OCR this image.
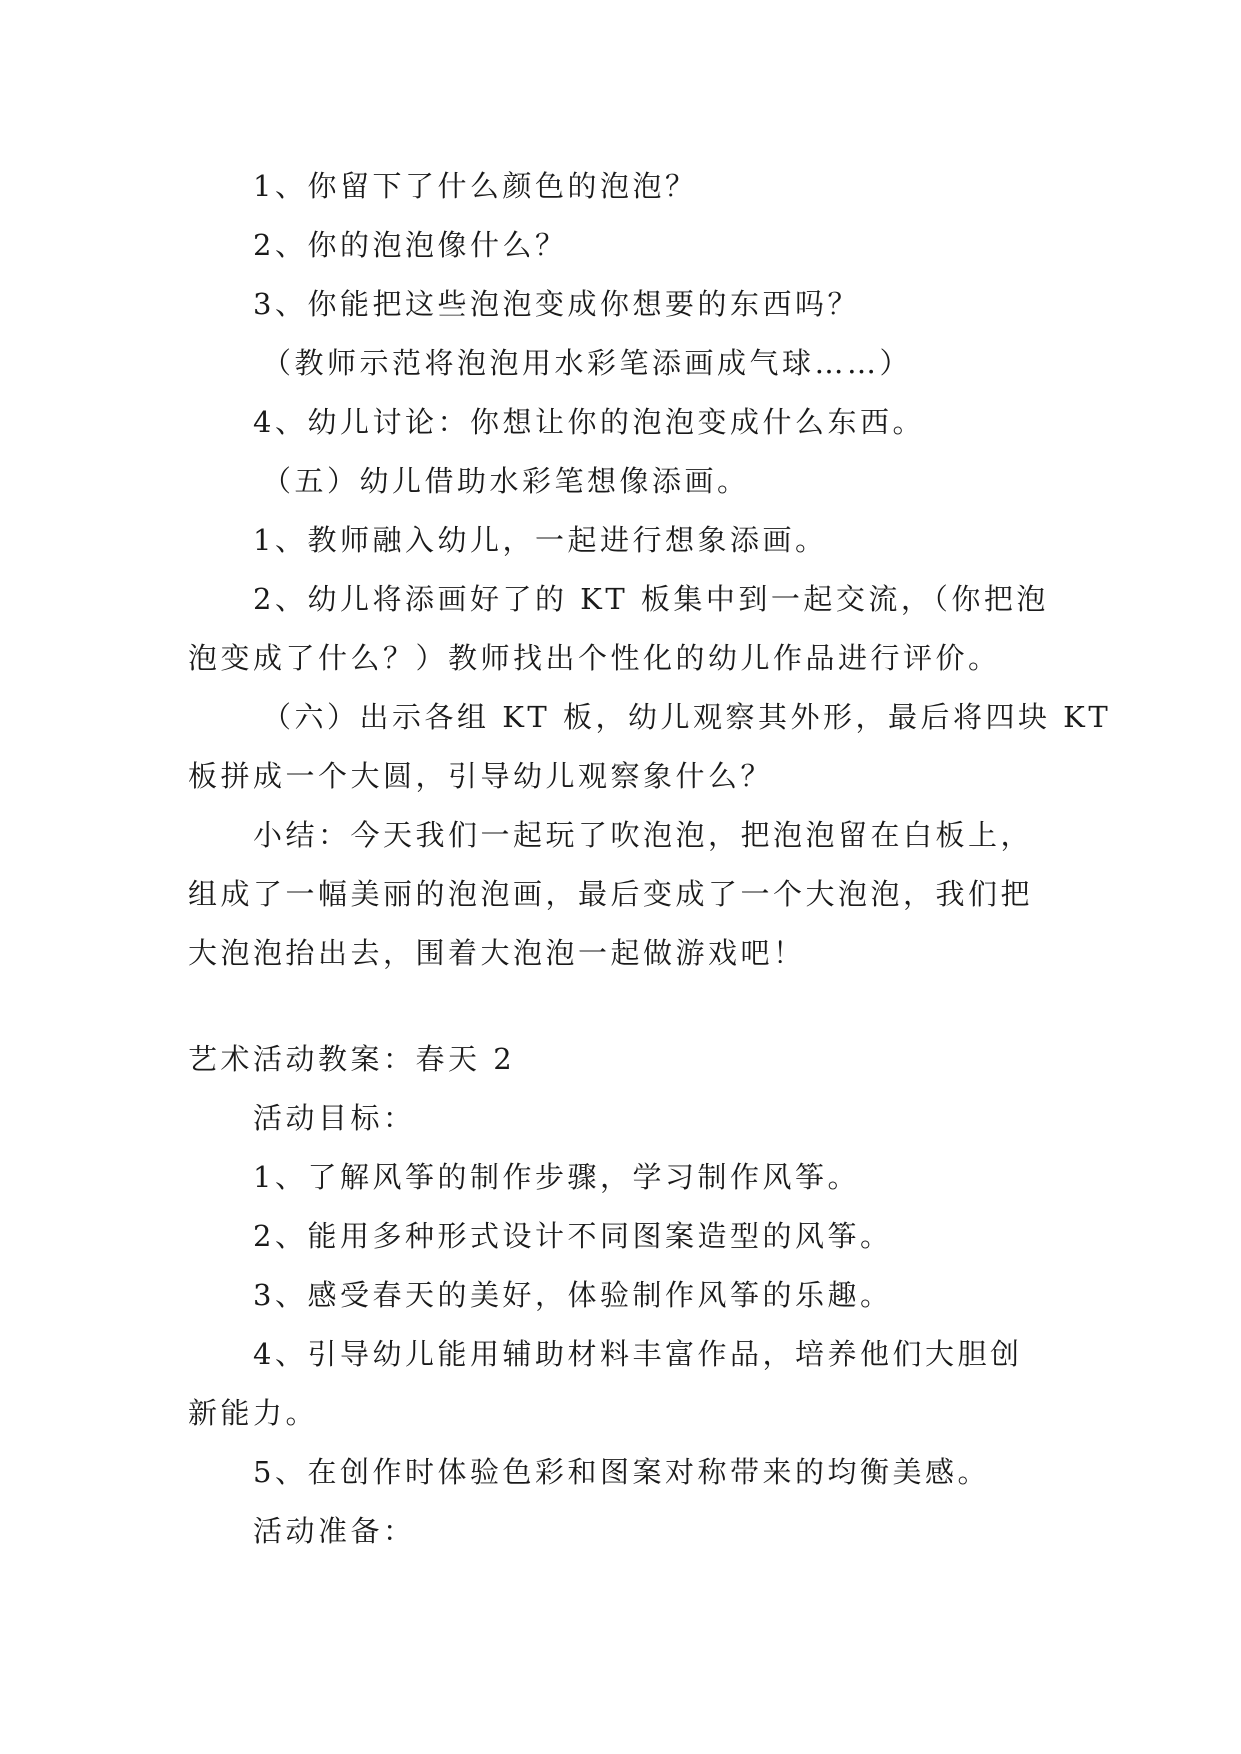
1、你留下了什么颜色的泡泡？
2、你的泡泡像什么？
3、你能把这些泡泡变成你想要的东西吗？
（教师示范将泡泡用水彩笔添画成气球……）
4、幼儿讨论：你想让你的泡泡变成什么东西。
（五）幼儿借助水彩笔想像添画。
1、教师融入幼儿，一起进行想象添画。
2、幼儿将添画好了的 KT 板集中到一起交流，（你把泡
泡变成了什么？）教师找出个性化的幼儿作品进行评价。
（六）出示各组 KT 板，幼儿观察其外形，最后将四块 KT
板拼成一个大圆，引导幼儿观察象什么？
小结：今天我们一起玩了吹泡泡，把泡泡留在白板上，
组成了一幅美丽的泡泡画，最后变成了一个大泡泡，我们把
大泡泡抬出去，围着大泡泡一起做游戏吧！
艺术活动教案：春天 2
活动目标：
1、了解风筝的制作步骤，学习制作风筝。
2、能用多种形式设计不同图案造型的风筝。
3、感受春天的美好，体验制作风筝的乐趣。
4、引导幼儿能用辅助材料丰富作品，培养他们大胆创
新能力。
5、在创作时体验色彩和图案对称带来的均衡美感。
活动准备：
